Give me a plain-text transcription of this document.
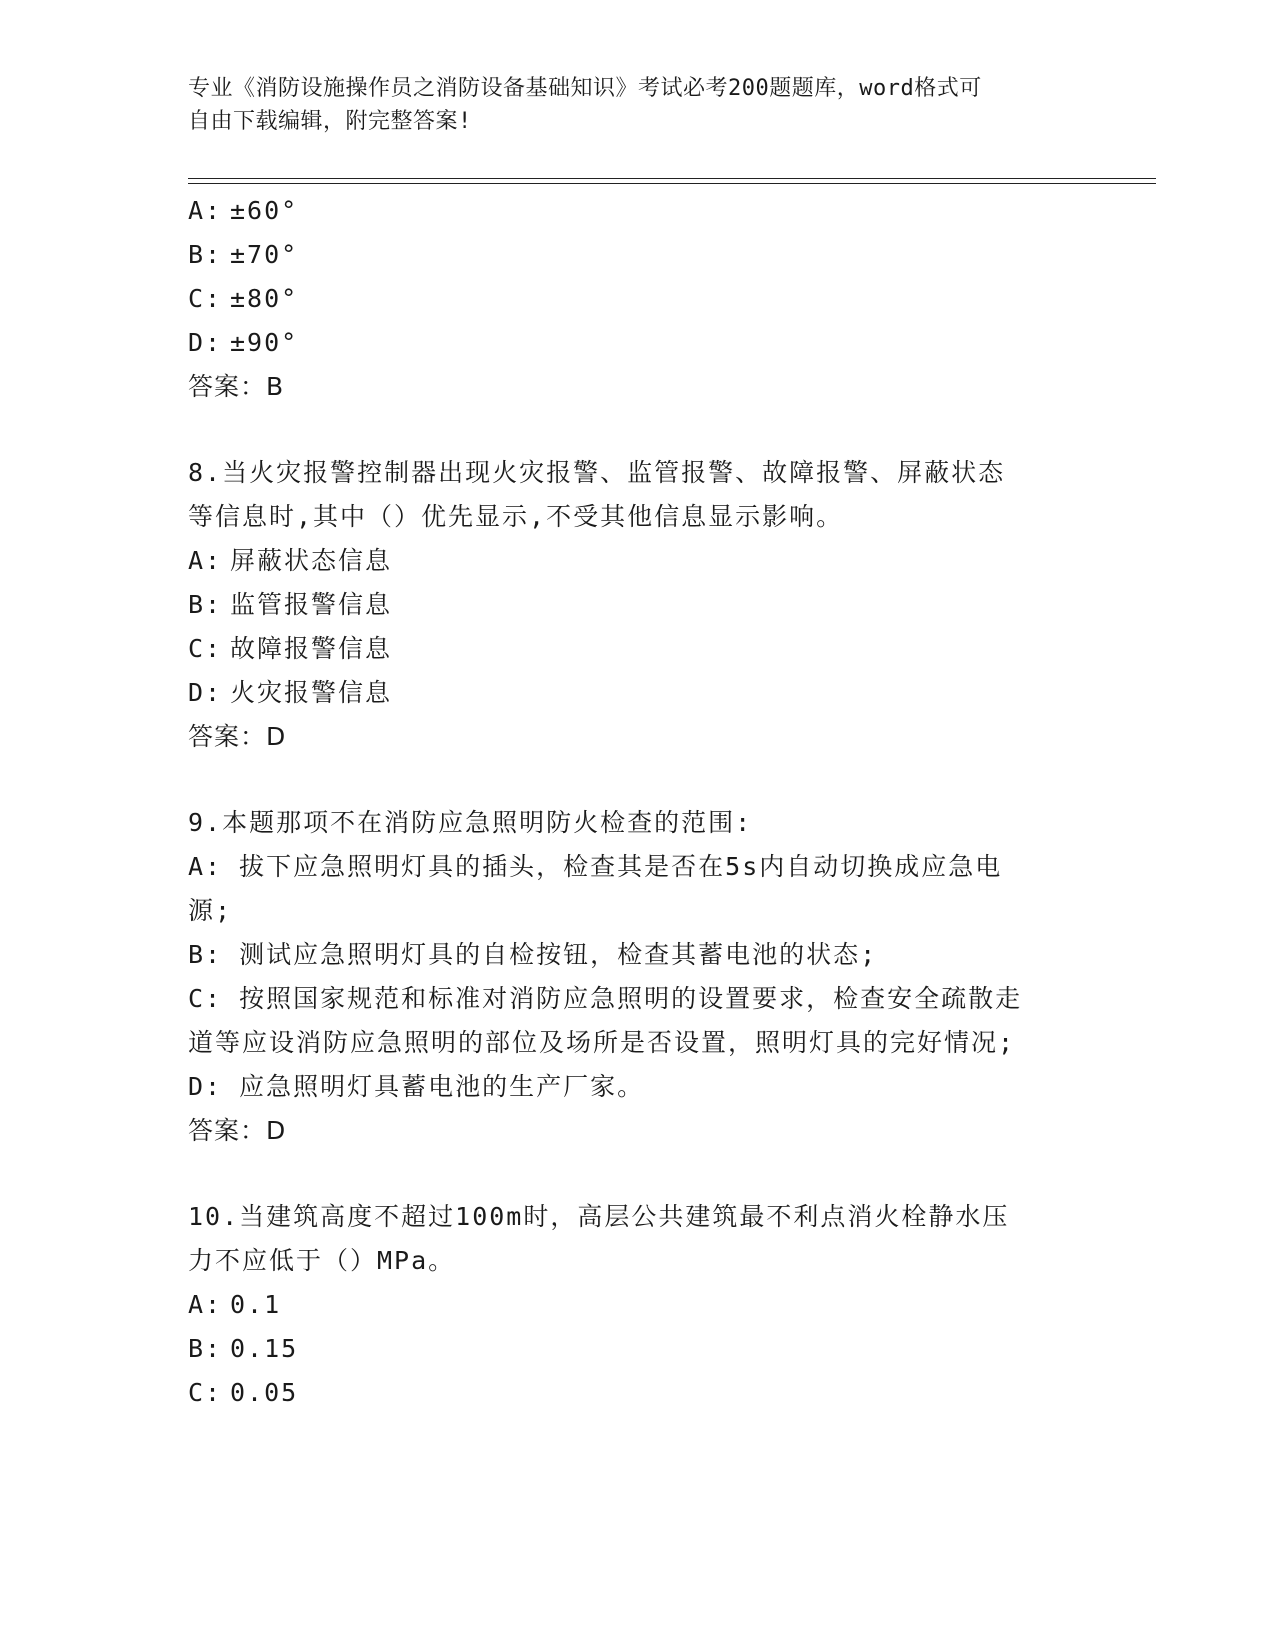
专业《消防设施操作员之消防设备基础知识》考试必考200题题库，word格式可
自由下载编辑，附完整答案!
A: ±60°
B: ±70°
C: ±80°
D: ±90°
答案：B
8.当火灾报警控制器出现火灾报警、监管报警、故障报警、屏蔽状态
等信息时,其中（）优先显示,不受其他信息显示影响。
A: 屏蔽状态信息
B: 监管报警信息
C: 故障报警信息
D: 火灾报警信息
答案：D
9.本题那项不在消防应急照明防火检查的范围:
A: 拔下应急照明灯具的插头，检查其是否在5s内自动切换成应急电
源;
B: 测试应急照明灯具的自检按钮，检查其蓄电池的状态;
C: 按照国家规范和标准对消防应急照明的设置要求，检查安全疏散走
道等应设消防应急照明的部位及场所是否设置，照明灯具的完好情况;
D: 应急照明灯具蓄电池的生产厂家。
答案：D
10.当建筑高度不超过100m时，高层公共建筑最不利点消火栓静水压
力不应低于（）MPa。
A: 0.1
B: 0.15
C: 0.05
